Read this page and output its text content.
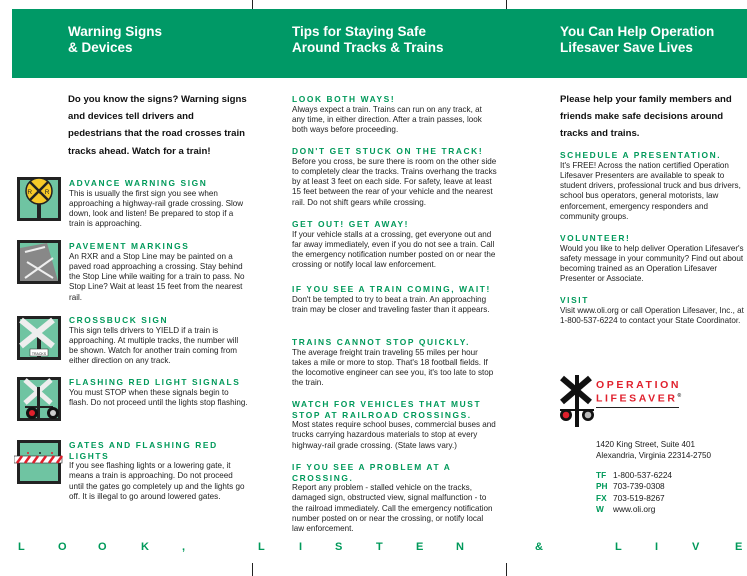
Warning Signs
& Devices
Tips for Staying Safe
Around Tracks & Trains
You Can Help Operation
Lifesaver Save Lives
Do you know the signs? Warning signs and devices tell drivers and pedestrians that the road crosses train tracks ahead. Watch for a train!
R X R
TRACKS
ADVANCE WARNING SIGN
This is usually the first sign you see when approaching a highway-rail grade crossing. Slow down, look and listen! Be prepared to stop if a train is approaching.
PAVEMENT MARKINGS
An RXR and a Stop Line may be painted on a paved road approaching a crossing. Stay behind the Stop Line while waiting for a train to pass. No Stop Line? Wait at least 15 feet from the nearest rail.
CROSSBUCK SIGN
This sign tells drivers to YIELD if a train is approaching. At multiple tracks, the number will be shown. Watch for another train coming from either direction on any track.
FLASHING RED LIGHT SIGNALS
You must STOP when these signals begin to flash. Do not proceed until the lights stop flashing.
GATES AND FLASHING RED LIGHTS
If you see flashing lights or a lowering gate, it means a train is approaching. Do not proceed until the gates go completely up and the lights go off. It is illegal to go around lowered gates.
LOOK BOTH WAYS!
Always expect a train. Trains can run on any track, at any time, in either direction. After a train passes, look both ways before proceeding.
DON'T GET STUCK ON THE TRACK!
Before you cross, be sure there is room on the other side to completely clear the tracks. Trains overhang the tracks by at least 3 feet on each side. For safety, leave at least 15 feet between the rear of your vehicle and the nearest rail. Do not shift gears while crossing.
GET OUT! GET AWAY!
If your vehicle stalls at a crossing, get everyone out and far away immediately, even if you do not see a train. Call the emergency notification number posted on or near the crossing or notify local law enforcement.
IF YOU SEE A TRAIN COMING, WAIT!
Don't be tempted to try to beat a train. An approaching train may be closer and traveling faster than it appears.
TRAINS CANNOT STOP QUICKLY.
The average freight train traveling 55 miles per hour takes a mile or more to stop. That's 18 football fields. If the locomotive engineer can see you, it's too late to stop the train.
WATCH FOR VEHICLES THAT MUST STOP AT RAILROAD CROSSINGS.
Most states require school buses, commercial buses and trucks carrying hazardous materials to stop at every highway-rail grade crossing. (State laws vary.)
IF YOU SEE A PROBLEM AT A CROSSING.
Report any problem - stalled vehicle on the tracks, damaged sign, obstructed view, signal malfunction - to the railroad immediately. Call the emergency notification number posted on or near the crossing, or notify local law enforcement.
Please help your family members and friends make safe decisions around tracks and trains.
SCHEDULE A PRESENTATION.
It's FREE! Across the nation certified Operation Lifesaver Presenters are available to speak to student drivers, professional truck and bus drivers, school bus operators, general motorists, law enforcement, emergency responders and community groups.
VOLUNTEER!
Would you like to help deliver Operation Lifesaver's safety message in your community? Find out about becoming trained as an Operation Lifesaver Presenter or Associate.
VISIT
Visit www.oli.org or call Operation Lifesaver, Inc., at 1-800-537-6224 to contact your State Coordinator.
OPERATION
LIFESAVER®
1420 King Street, Suite 401
Alexandria, Virginia 22314-2750
TF 1-800-537-6224
PH 703-739-0308
FX 703-519-8267
W www.oli.org
L	O	O	K	,	L	I	S	T	E	N	&	L	I	V	E
